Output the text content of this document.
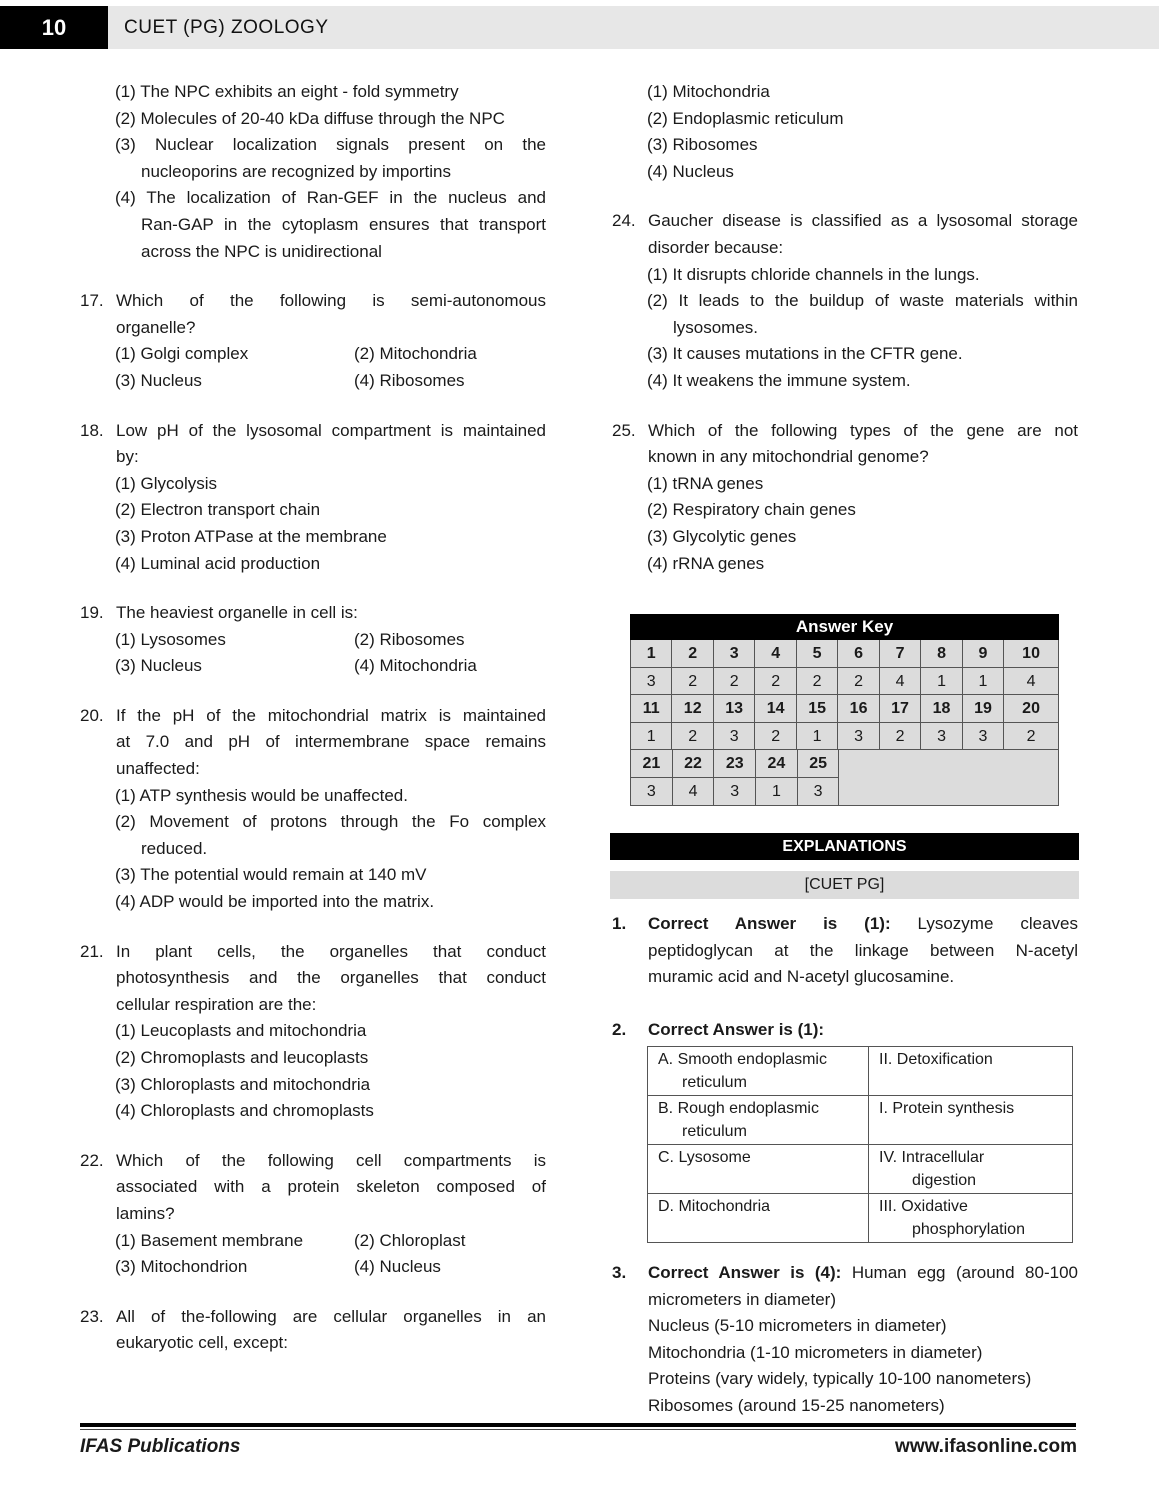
10	CUET (PG) ZOOLOGY
(1) The NPC exhibits an eight - fold symmetry
(2) Molecules of 20-40 kDa diffuse through the NPC
(3) Nuclear localization signals present on the
nucleoporins are recognized by importins
(4) The localization of Ran-GEF in the nucleus and
Ran-GAP in the cytoplasm ensures that transport
across the NPC is unidirectional
17. Which of the following is semi-autonomous
organelle?
(1) Golgi complex	(2) Mitochondria
(3) Nucleus	(4) Ribosomes
18. Low pH of the lysosomal compartment is maintained
by:
(1) Glycolysis
(2) Electron transport chain
(3) Proton ATPase at the membrane
(4) Luminal acid production
19. The heaviest organelle in cell is:
(1) Lysosomes	(2) Ribosomes
(3) Nucleus	(4) Mitochondria
20. If the pH of the mitochondrial matrix is maintained
at 7.0 and pH of intermembrane space remains
unaffected:
(1) ATP synthesis would be unaffected.
(2) Movement of protons through the Fo complex
reduced.
(3) The potential would remain at 140 mV
(4) ADP would be imported into the matrix.
21. In plant cells, the organelles that conduct
photosynthesis and the organelles that conduct
cellular respiration are the:
(1) Leucoplasts and mitochondria
(2) Chromoplasts and leucoplasts
(3) Chloroplasts and mitochondria
(4) Chloroplasts and chromoplasts
22. Which of the following cell compartments is
associated with a protein skeleton composed of
lamins?
(1) Basement membrane	(2) Chloroplast
(3) Mitochondrion	(4) Nucleus
23. All of the-following are cellular organelles in an
eukaryotic cell, except:
(1) Mitochondria
(2) Endoplasmic reticulum
(3) Ribosomes
(4) Nucleus
24. Gaucher disease is classified as a lysosomal storage
disorder because:
(1) It disrupts chloride channels in the lungs.
(2) It leads to the buildup of waste materials within
lysosomes.
(3) It causes mutations in the CFTR gene.
(4) It weakens the immune system.
25. Which of the following types of the gene are not
known in any mitochondrial genome?
(1) tRNA genes
(2) Respiratory chain genes
(3) Glycolytic genes
(4) rRNA genes
Answer Key
1	2	3	4	5	6	7	8	9	10
3	2	2	2	2	2	4	1	1	4
11	12	13	14	15	16	17	18	19	20
1	2	3	2	1	3	2	3	3	2
21	22	23	24	25
3	4	3	1	3
EXPLANATIONS
[CUET PG]
1. Correct Answer is (1): Lysozyme cleaves
peptidoglycan at the linkage between N-acetyl
muramic acid and N-acetyl glucosamine.
2. Correct Answer is (1):
A. Smooth endoplasmic
reticulum	II. Detoxification
B. Rough endoplasmic
reticulum	I. Protein synthesis
C. Lysosome	IV. Intracellular
digestion

D. Mitochondria	III. Oxidative
phosphorylation
3. Correct Answer is (4): Human egg (around 80-100
micrometers in diameter)
Nucleus (5-10 micrometers in diameter)
Mitochondria (1-10 micrometers in diameter)
Proteins (vary widely, typically 10-100 nanometers)
Ribosomes (around 15-25 nanometers)
IFAS Publications	www.ifasonline.com
